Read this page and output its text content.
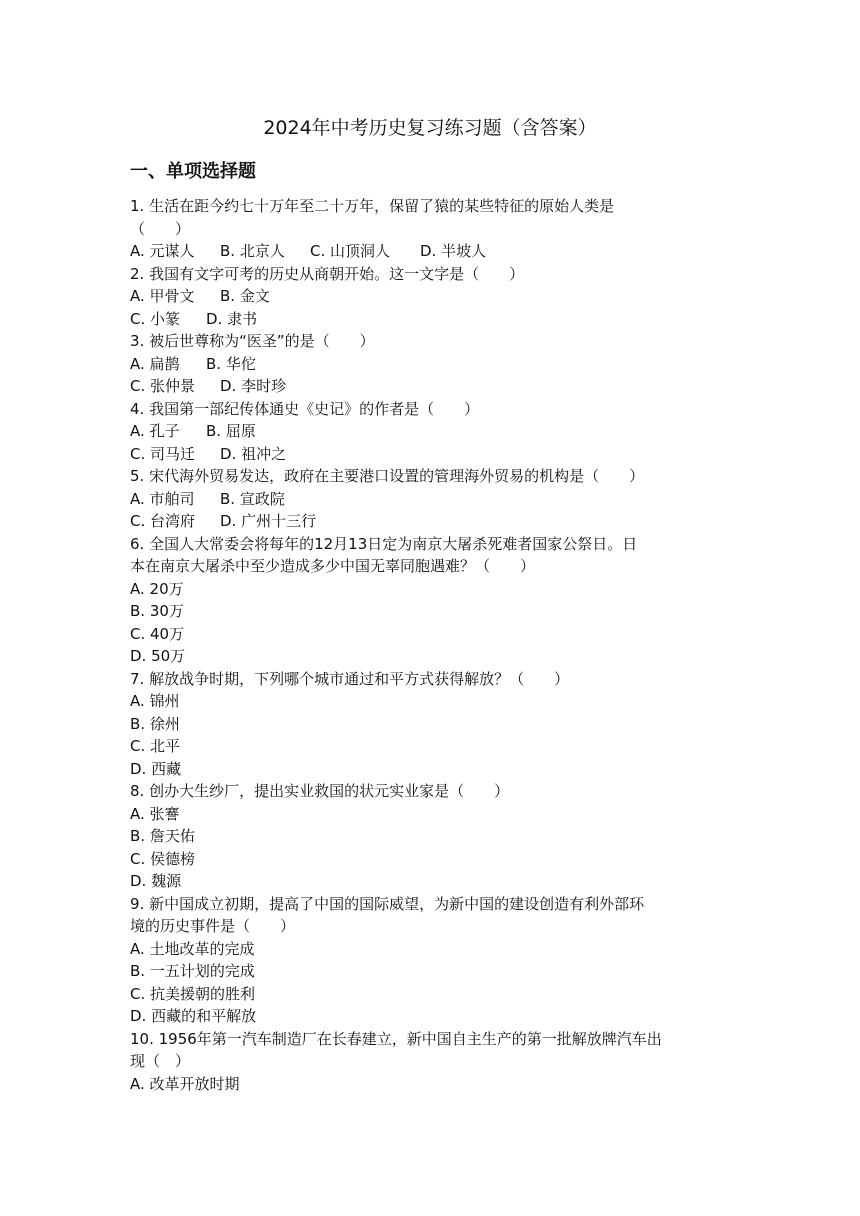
2024年中考历史复习练习题（含答案）
一、单项选择题
1. 生活在距今约七十万年至二十万年，保留了猿的某些特征的原始人类是
（　　）
A. 元谋人 B. 北京人 C. 山顶洞人 D. 半坡人
2. 我国有文字可考的历史从商朝开始。这一文字是（　　）
A. 甲骨文 B. 金文
C. 小篆 D. 隶书
3. 被后世尊称为“医圣”的是（　　）
A. 扁鹊 B. 华佗
C. 张仲景 D. 李时珍
4. 我国第一部纪传体通史《史记》的作者是（　　）
A. 孔子 B. 屈原
C. 司马迁 D. 祖冲之
5. 宋代海外贸易发达，政府在主要港口设置的管理海外贸易的机构是（　　）
A. 市舶司 B. 宣政院
C. 台湾府 D. 广州十三行
6. 全国人大常委会将每年的12月13日定为南京大屠杀死难者国家公祭日。日
本在南京大屠杀中至少造成多少中国无辜同胞遇难？（　　）
A. 20万
B. 30万
C. 40万
D. 50万
7. 解放战争时期，下列哪个城市通过和平方式获得解放？（　　）
A. 锦州
B. 徐州
C. 北平
D. 西藏
8. 创办大生纱厂，提出实业救国的状元实业家是（　　）
A. 张謇
B. 詹天佑
C. 侯德榜
D. 魏源
9. 新中国成立初期，提高了中国的国际威望，为新中国的建设创造有利外部环
境的历史事件是（　　）
A. 土地改革的完成
B. 一五计划的完成
C. 抗美援朝的胜利
D. 西藏的和平解放
10. 1956年第一汽车制造厂在长春建立，新中国自主生产的第一批解放牌汽车出
现（　）
A. 改革开放时期
